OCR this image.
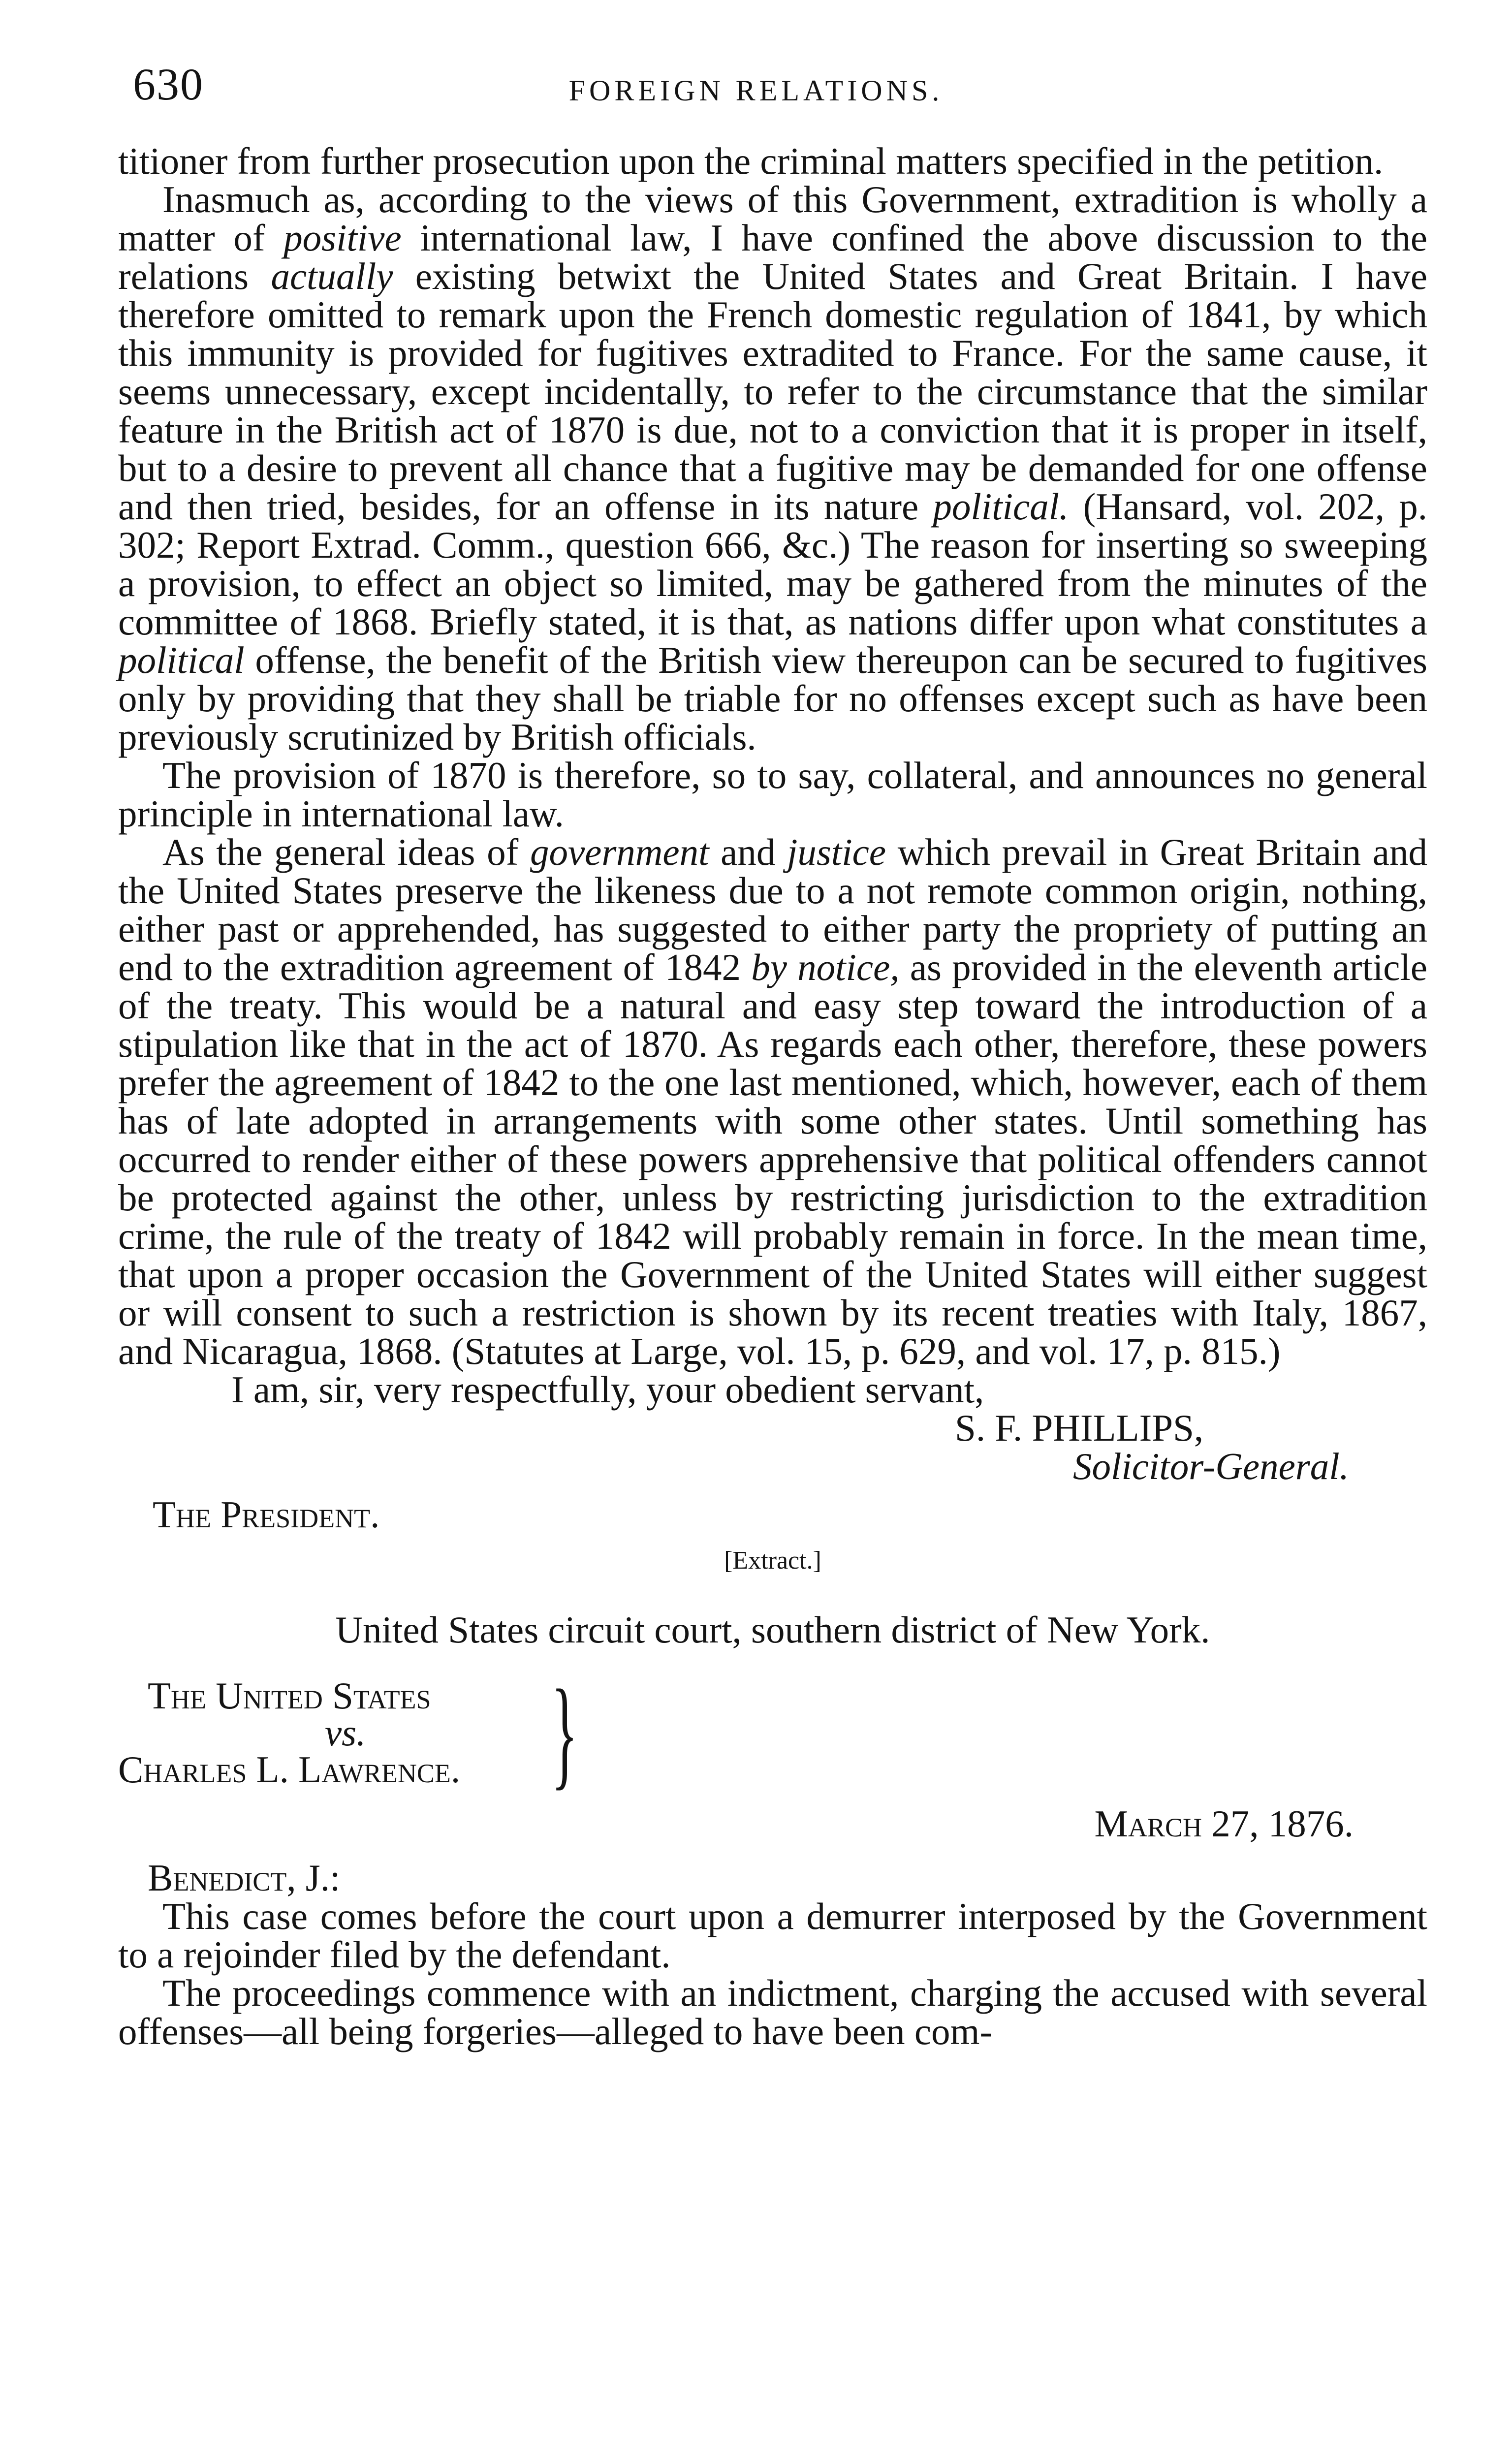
630	FOREIGN RELATIONS.

titioner from further prosecution upon the criminal matters specified in the petition.

Inasmuch as, according to the views of this Government, extradition is wholly a matter of positive international law, I have confined the above discussion to the relations actually existing betwixt the United States and Great Britain. I have therefore omitted to remark upon the French domestic regulation of 1841, by which this immunity is provided for fugitives extradited to France. For the same cause, it seems unnecessary, except incidentally, to refer to the circumstance that the similar feature in the British act of 1870 is due, not to a conviction that it is proper in itself, but to a desire to prevent all chance that a fugitive may be demanded for one offense and then tried, besides, for an offense in its nature political. (Hansard, vol. 202, p. 302; Report Extrad. Comm., question 666, &c.) The reason for inserting so sweeping a provision, to effect an object so limited, may be gathered from the minutes of the committee of 1868. Briefly stated, it is that, as nations differ upon what constitutes a political offense, the benefit of the British view thereupon can be secured to fugitives only by providing that they shall be triable for no offenses except such as have been previously scrutinized by British officials.

The provision of 1870 is therefore, so to say, collateral, and announces no general principle in international law.

As the general ideas of government and justice which prevail in Great Britain and the United States preserve the likeness due to a not remote common origin, nothing, either past or apprehended, has suggested to either party the propriety of putting an end to the extradition agreement of 1842 by notice, as provided in the eleventh article of the treaty. This would be a natural and easy step toward the introduction of a stipulation like that in the act of 1870. As regards each other, therefore, these powers prefer the agreement of 1842 to the one last mentioned, which, however, each of them has of late adopted in arrangements with some other states. Until something has occurred to render either of these powers apprehensive that political offenders cannot be protected against the other, unless by restricting jurisdiction to the extradition crime, the rule of the treaty of 1842 will probably remain in force. In the mean time, that upon a proper occasion the Government of the United States will either suggest or will consent to such a restriction is shown by its recent treaties with Italy, 1867, and Nicaragua, 1868. (Statutes at Large, vol. 15, p. 629, and vol. 17, p. 815.)

I am, sir, very respectfully, your obedient servant,

S. F. PHILLIPS,

Solicitor-General.

The President.

[Extract.]

United States circuit court, southern district of New York.

The United States
vs.
Charles L. Lawrence. }
March 27, 1876.

Benedict, J.:

This case comes before the court upon a demurrer interposed by the Government to a rejoinder filed by the defendant.

The proceedings commence with an indictment, charging the accused with several offenses—all being forgeries—alleged to have been com-
